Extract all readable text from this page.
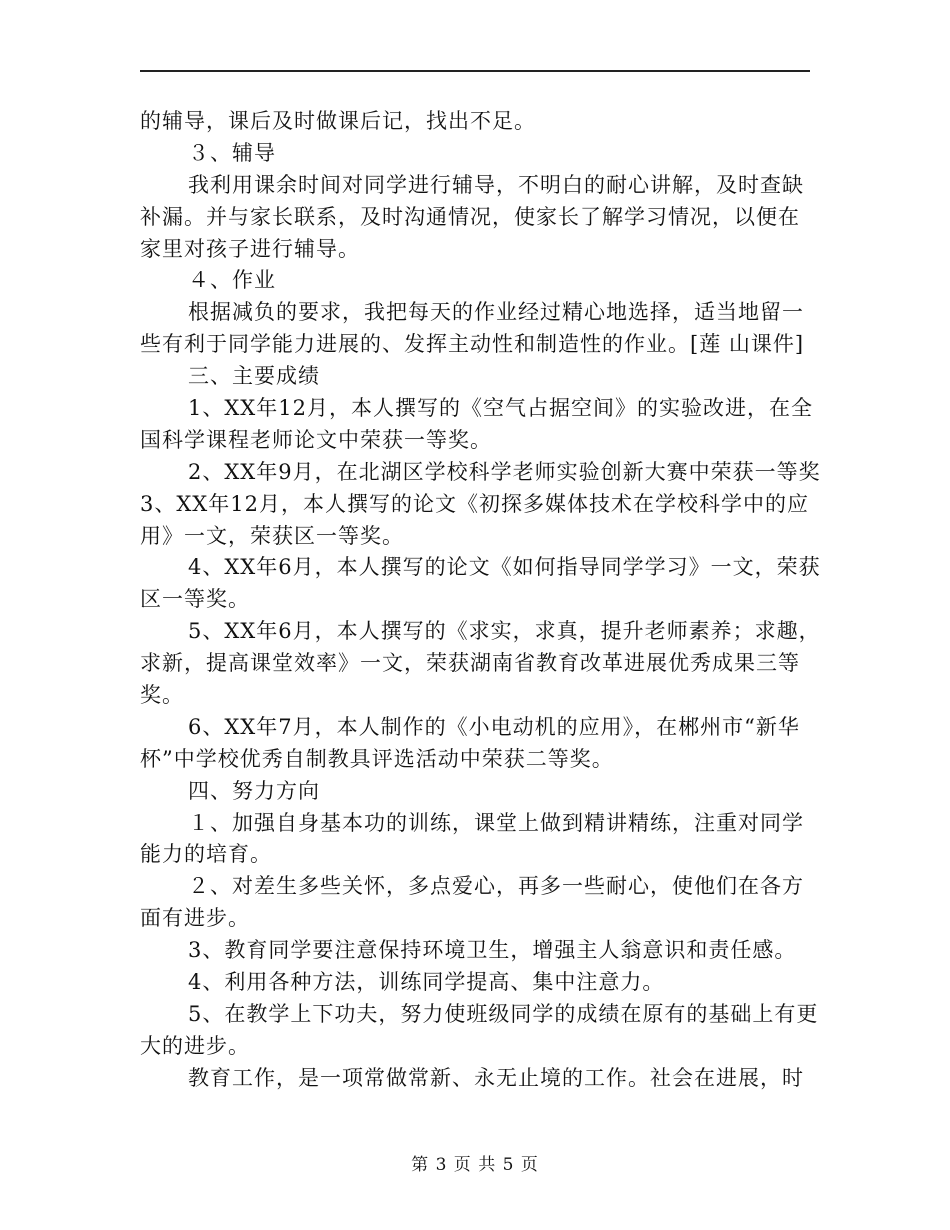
的辅导，课后及时做课后记，找出不足。
３、辅导
我利用课余时间对同学进行辅导，不明白的耐心讲解，及时查缺
补漏。并与家长联系，及时沟通情况，使家长了解学习情况，以便在
家里对孩子进行辅导。
４、作业
根据减负的要求，我把每天的作业经过精心地选择，适当地留一
些有利于同学能力进展的、发挥主动性和制造性的作业。[莲 山课件]
三、主要成绩
1、XX年12月，本人撰写的《空气占据空间》的实验改进，在全
国科学课程老师论文中荣获一等奖。
2、XX年9月，在北湖区学校科学老师实验创新大赛中荣获一等奖
3、XX年12月，本人撰写的论文《初探多媒体技术在学校科学中的应
用》一文，荣获区一等奖。
4、XX年6月，本人撰写的论文《如何指导同学学习》一文，荣获
区一等奖。
5、XX年6月，本人撰写的《求实，求真，提升老师素养；求趣，
求新，提高课堂效率》一文，荣获湖南省教育改革进展优秀成果三等
奖。
6、XX年7月，本人制作的《小电动机的应用》，在郴州市“新华
杯”中学校优秀自制教具评选活动中荣获二等奖。
四、努力方向
１、加强自身基本功的训练，课堂上做到精讲精练，注重对同学
能力的培育。
２、对差生多些关怀，多点爱心，再多一些耐心，使他们在各方
面有进步。
3、教育同学要注意保持环境卫生，增强主人翁意识和责任感。
4、利用各种方法，训练同学提高、集中注意力。
5、在教学上下功夫，努力使班级同学的成绩在原有的基础上有更
大的进步。
教育工作，是一项常做常新、永无止境的工作。社会在进展，时
第 3 页 共 5 页
